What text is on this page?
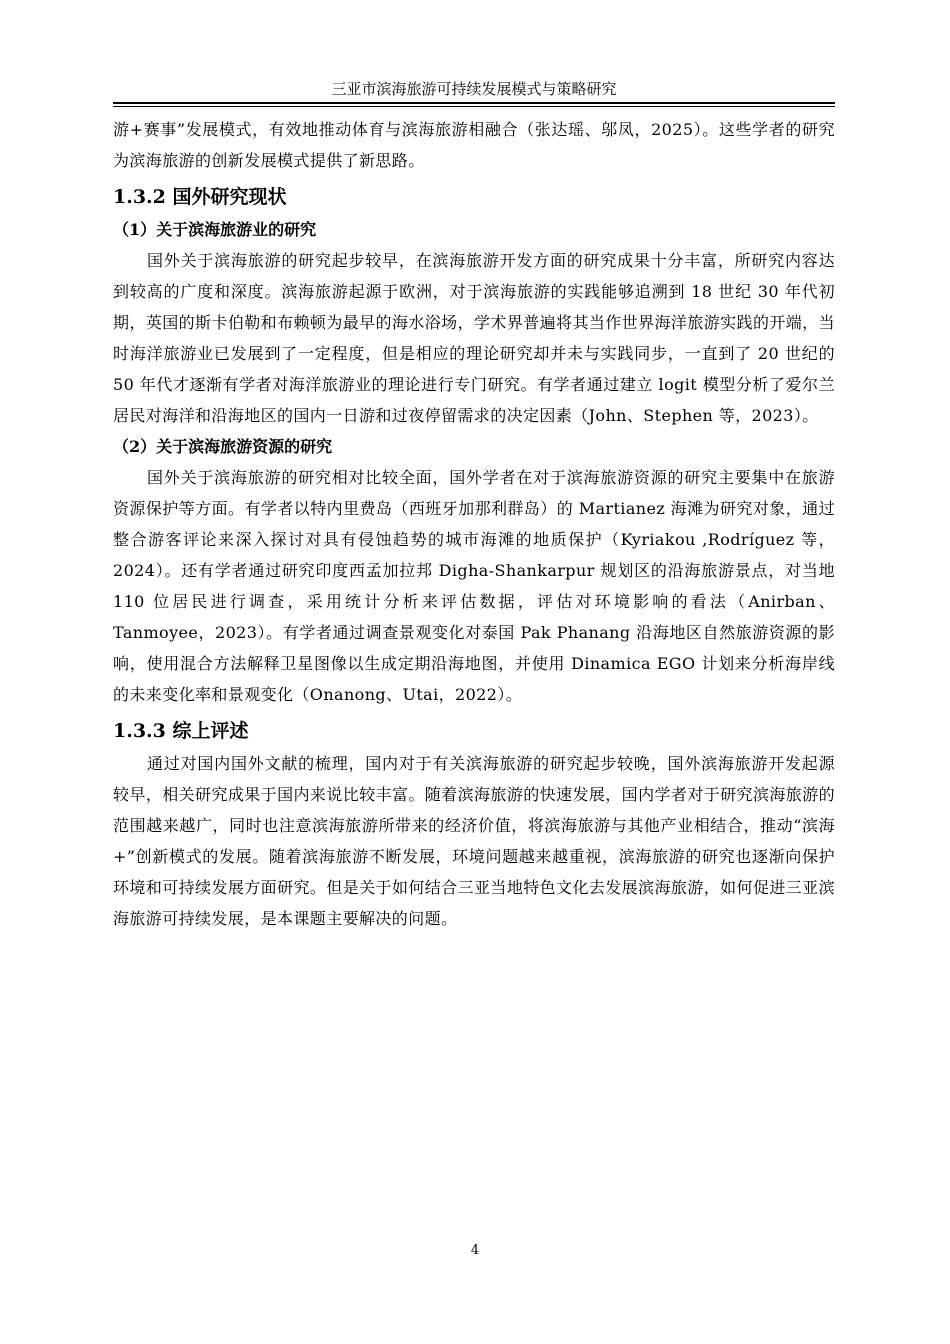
三亚市滨海旅游可持续发展模式与策略研究

游+赛事”发展模式，有效地推动体育与滨海旅游相融合（张达瑶、邬凤，2025）。这些学者的研究为滨海旅游的创新发展模式提供了新思路。

1.3.2 国外研究现状
（1）关于滨海旅游业的研究

国外关于滨海旅游的研究起步较早，在滨海旅游开发方面的研究成果十分丰富，所研究内容达到较高的广度和深度。滨海旅游起源于欧洲，对于滨海旅游的实践能够追溯到 18 世纪 30 年代初期，英国的斯卡伯勒和布赖顿为最早的海水浴场，学术界普遍将其当作世界海洋旅游实践的开端，当时海洋旅游业已发展到了一定程度，但是相应的理论研究却并未与实践同步，一直到了 20 世纪的 50 年代才逐渐有学者对海洋旅游业的理论进行专门研究。有学者通过建立 logit 模型分析了爱尔兰居民对海洋和沿海地区的国内一日游和过夜停留需求的决定因素（John、Stephen 等，2023）。

（2）关于滨海旅游资源的研究

国外关于滨海旅游的研究相对比较全面，国外学者在对于滨海旅游资源的研究主要集中在旅游资源保护等方面。有学者以特内里费岛（西班牙加那利群岛）的 Martianez 海滩为研究对象，通过整合游客评论来深入探讨对具有侵蚀趋势的城市海滩的地质保护（Kyriakou ,Rodríguez 等，2024）。还有学者通过研究印度西孟加拉邦 Digha-Shankarpur 规划区的沿海旅游景点，对当地 110 位居民进行调查，采用统计分析来评估数据，评估对环境影响的看法（Anirban、Tanmoyee，2023）。有学者通过调查景观变化对泰国 Pak Phanang 沿海地区自然旅游资源的影响，使用混合方法解释卫星图像以生成定期沿海地图，并使用 Dinamica EGO 计划来分析海岸线的未来变化率和景观变化（Onanong、Utai，2022）。

1.3.3 综上评述

通过对国内国外文献的梳理，国内对于有关滨海旅游的研究起步较晚，国外滨海旅游开发起源较早，相关研究成果于国内来说比较丰富。随着滨海旅游的快速发展，国内学者对于研究滨海旅游的范围越来越广，同时也注意滨海旅游所带来的经济价值，将滨海旅游与其他产业相结合，推动“滨海+”创新模式的发展。随着滨海旅游不断发展，环境问题越来越重视，滨海旅游的研究也逐渐向保护环境和可持续发展方面研究。但是关于如何结合三亚当地特色文化去发展滨海旅游，如何促进三亚滨海旅游可持续发展，是本课题主要解决的问题。

4
